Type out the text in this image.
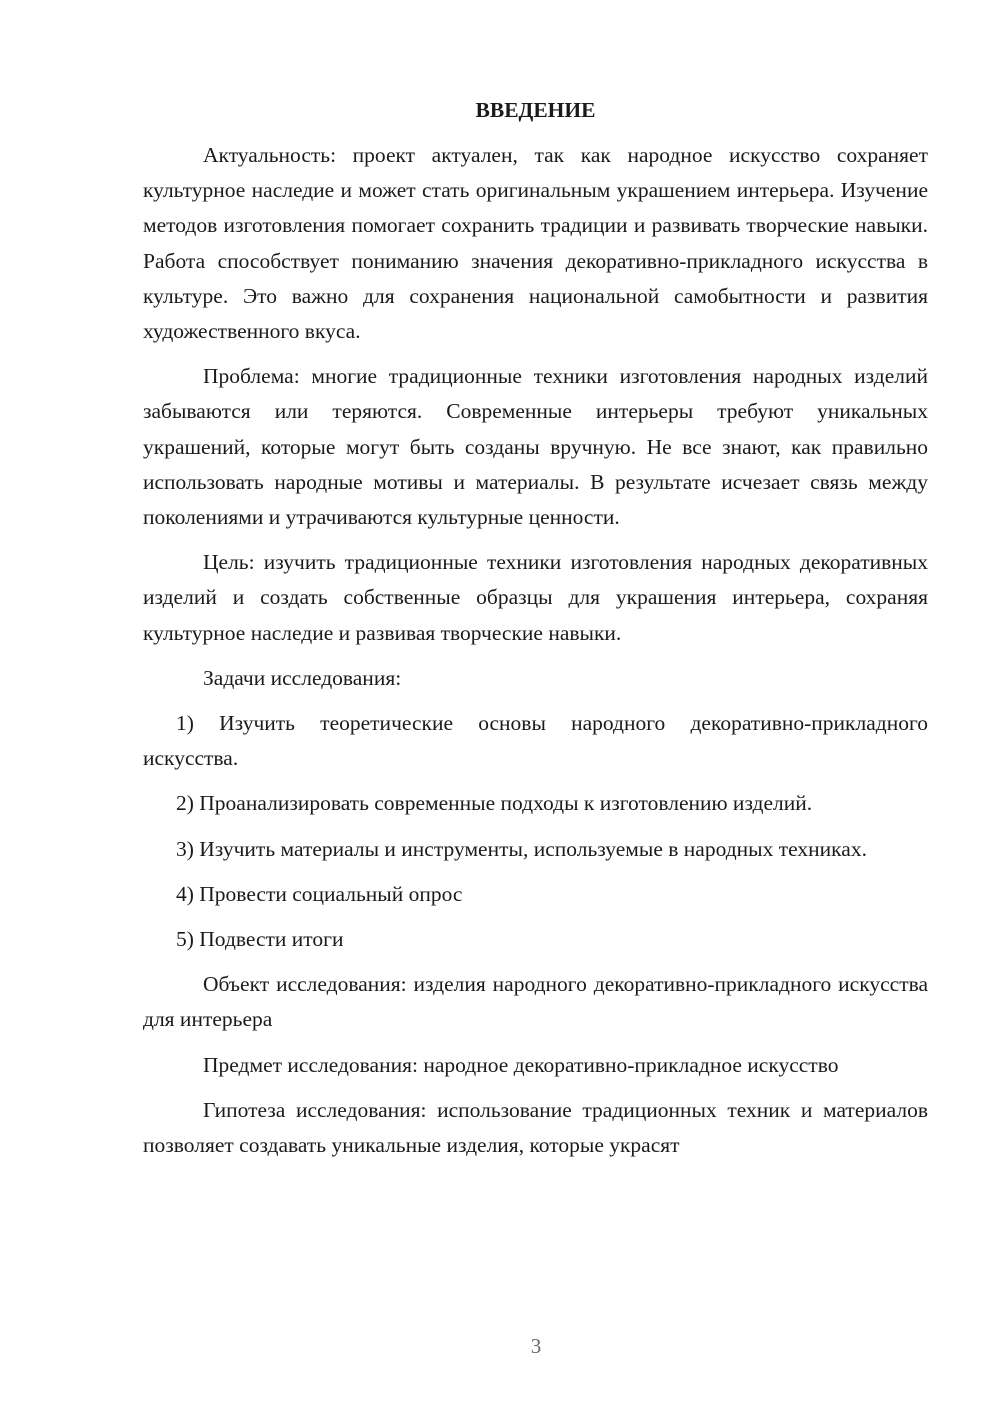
ВВЕДЕНИЕ

Актуальность: проект актуален, так как народное искусство сохраняет культурное наследие и может стать оригинальным украшением интерьера. Изучение методов изготовления помогает сохранить традиции и развивать творческие навыки. Работа способствует пониманию значения декоративно-прикладного искусства в культуре. Это важно для сохранения национальной самобытности и развития художественного вкуса.

Проблема: многие традиционные техники изготовления народных изделий забываются или теряются. Современные интерьеры требуют уникальных украшений, которые могут быть созданы вручную. Не все знают, как правильно использовать народные мотивы и материалы. В результате исчезает связь между поколениями и утрачиваются культурные ценности.

Цель: изучить традиционные техники изготовления народных декоративных изделий и создать собственные образцы для украшения интерьера, сохраняя культурное наследие и развивая творческие навыки.

Задачи исследования:

1) Изучить теоретические основы народного декоративно-прикладного искусства.

2) Проанализировать современные подходы к изготовлению изделий.

3) Изучить материалы и инструменты, используемые в народных техниках.

4) Провести социальный опрос

5) Подвести итоги

Объект исследования: изделия народного декоративно-прикладного искусства для интерьера

Предмет исследования: народное декоративно-прикладное искусство

Гипотеза исследования: использование традиционных техник и материалов позволяет создавать уникальные изделия, которые украсят

3
